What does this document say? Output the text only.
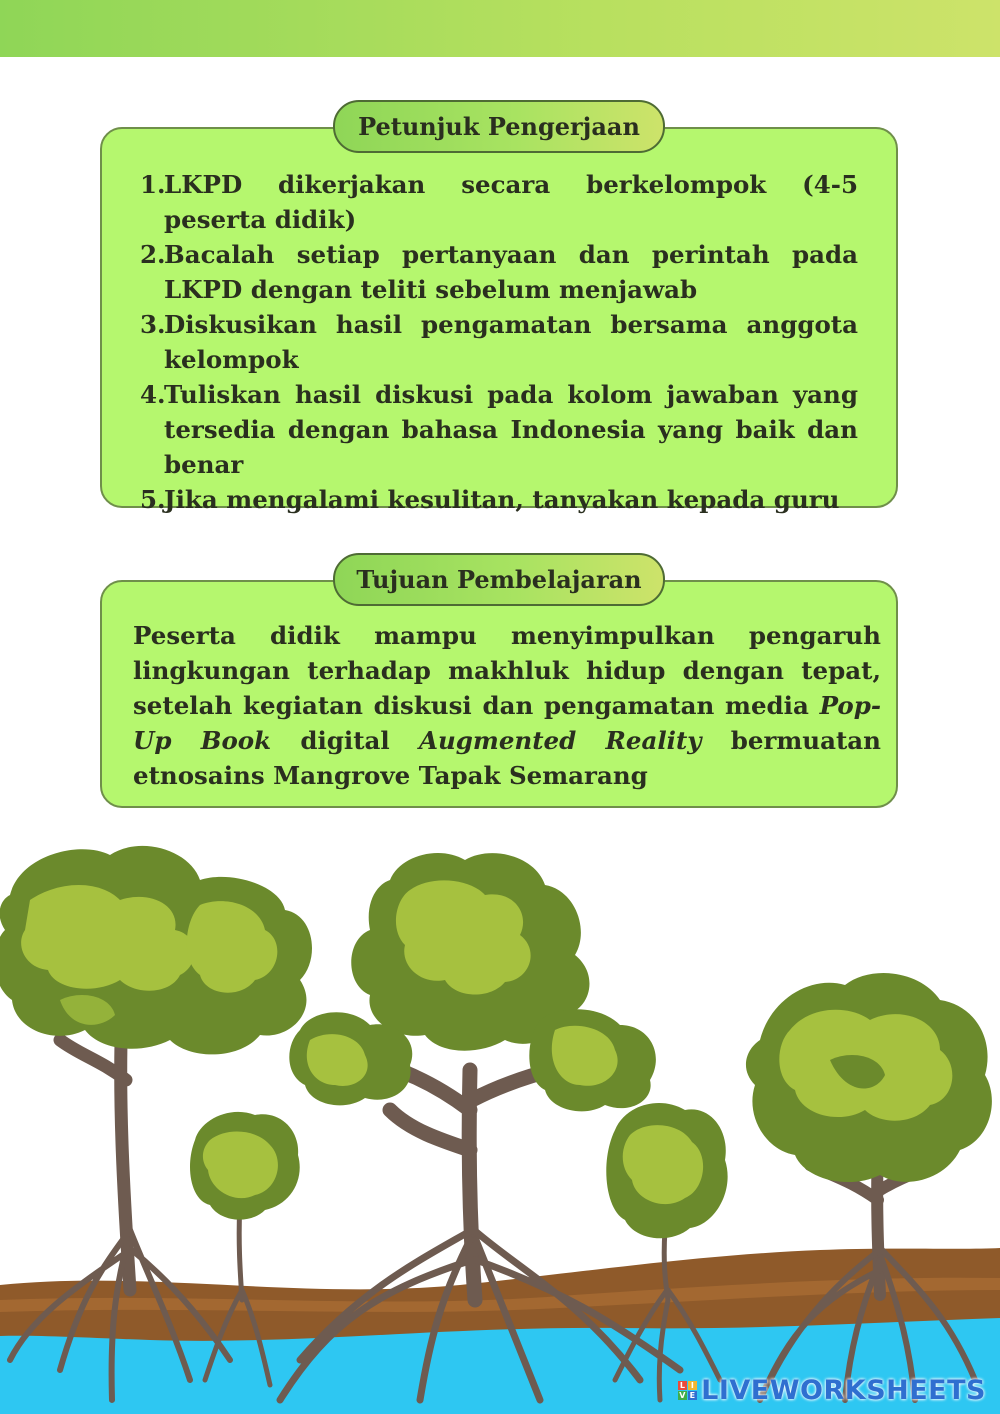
Petunjuk Pengerjaan
1.
LKPD dikerjakan secara berkelompok (4-5 peserta didik)
2.
Bacalah setiap pertanyaan dan perintah pada LKPD dengan teliti sebelum menjawab
3.
Diskusikan hasil pengamatan bersama anggota kelompok
4.
Tuliskan hasil diskusi pada kolom jawaban yang tersedia dengan bahasa Indonesia yang baik dan benar
5.
Jika mengalami kesulitan, tanyakan kepada guru
Tujuan Pembelajaran

Peserta didik mampu menyimpulkan pengaruh lingkungan terhadap makhluk hidup dengan tepat, setelah kegiatan diskusi dan pengamatan media Pop-Up Book digital Augmented Reality bermuatan etnosains Mangrove Tapak Semarang

L I
V E LIVEWORKSHEETS
